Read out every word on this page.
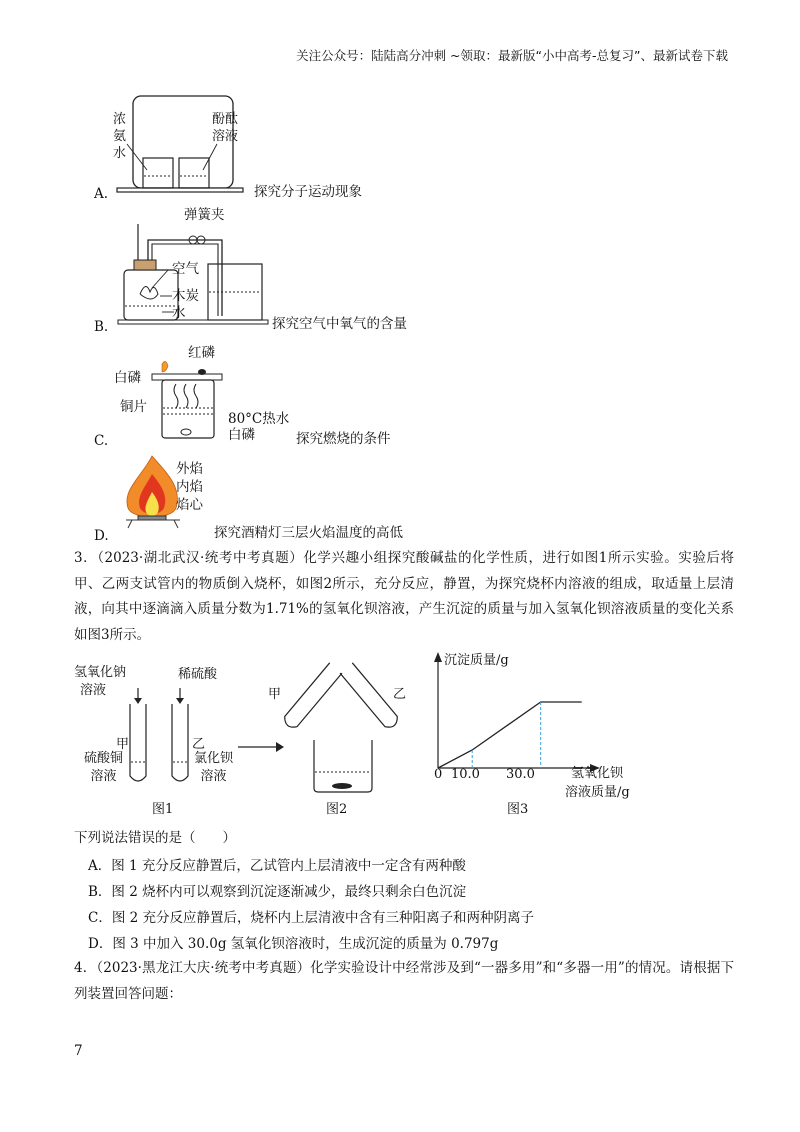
关注公众号：陆陆高分冲刺 ~领取：最新版“小中高考-总复习”、最新试卷下载
浓
氨
水
酚酞
溶液
A.	探究分子运动现象
弹簧夹
空气
木炭
水
B.	探究空气中氧气的含量
红磷
白磷
铜片
80°C热水
白磷
C.	探究燃烧的条件
外焰
内焰
焰心
D.	探究酒精灯三层火焰温度的高低
3．（2023·湖北武汉·统考中考真题）化学兴趣小组探究酸碱盐的化学性质，进行如图1所示实验。实验后将甲、乙两支试管内的物质倒入烧杯，如图2所示，充分反应，静置，为探究烧杯内溶液的组成，取适量上层清液，向其中逐滴滴入质量分数为1.71%的氢氧化钡溶液，产生沉淀的质量与加入氢氧化钡溶液质量的变化关系如图3所示。
氢氧化钠
溶液
稀硫酸
甲	乙
硫酸铜
溶液
氯化钡
溶液
图1
甲	乙
图2
沉淀质量/g
0 10.0 30.0	氢氧化钡
溶液质量/g
图3
下列说法错误的是（　　）
A．图 1 充分反应静置后，乙试管内上层清液中一定含有两种酸
B．图 2 烧杯内可以观察到沉淀逐渐减少，最终只剩余白色沉淀
C．图 2 充分反应静置后，烧杯内上层清液中含有三种阳离子和两种阴离子
D．图 3 中加入 30.0g 氢氧化钡溶液时，生成沉淀的质量为 0.797g
4．（2023·黑龙江大庆·统考中考真题）化学实验设计中经常涉及到“一器多用”和“多器一用”的情况。请根据下列装置回答问题：
7
